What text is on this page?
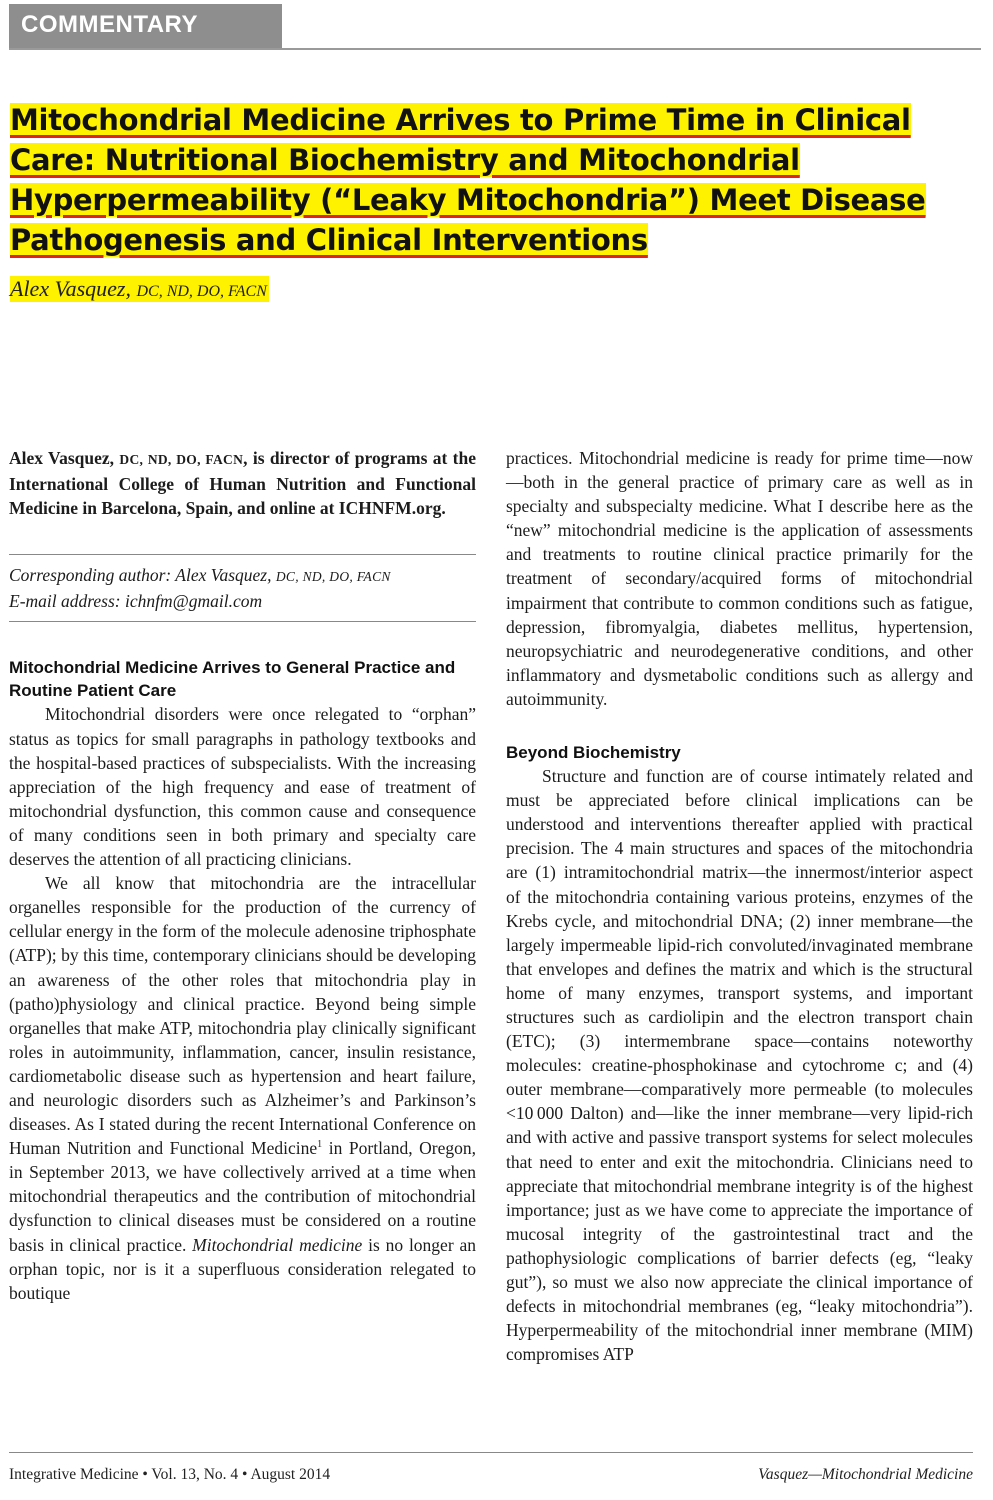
COMMENTARY
Mitochondrial Medicine Arrives to Prime Time in Clinical
Care: Nutritional Biochemistry and Mitochondrial
Hyperpermeability (“Leaky Mitochondria”) Meet Disease
Pathogenesis and Clinical Interventions
Alex Vasquez, DC, ND, DO, FACN

Alex Vasquez, DC, ND, DO, FACN, is director of programs at the International College of Human Nutrition and Functional Medicine in Barcelona, Spain, and online at ICHNFM.org.

Corresponding author: Alex Vasquez, DC, ND, DO, FACN

E-mail address: ichnfm@gmail.com

Mitochondrial Medicine Arrives to General Practice and Routine Patient Care

Mitochondrial disorders were once relegated to “orphan” status as topics for small paragraphs in pathology textbooks and the hospital-based practices of subspecialists. With the increasing appreciation of the high frequency and ease of treatment of mitochondrial dysfunction, this common cause and consequence of many conditions seen in both primary and specialty care deserves the attention of all practicing clinicians.

We all know that mitochondria are the intracellular organelles responsible for the production of the currency of cellular energy in the form of the molecule adenosine triphosphate (ATP); by this time, contemporary clinicians should be developing an awareness of the other roles that mitochondria play in (patho)physiology and clinical practice. Beyond being simple organelles that make ATP, mitochondria play clinically significant roles in autoimmunity, inflammation, cancer, insulin resistance, cardiometabolic disease such as hypertension and heart failure, and neurologic disorders such as Alzheimer’s and Parkinson’s diseases. As I stated during the recent International Conference on Human Nutrition and Functional Medicine$^1$ in Portland, Oregon, in September 2013, we have collectively arrived at a time when mitochondrial therapeutics and the contribution of mitochondrial dysfunction to clinical diseases must be considered on a routine basis in clinical practice. Mitochondrial medicine is no longer an orphan topic, nor is it a superfluous consideration relegated to boutique

practices. Mitochondrial medicine is ready for prime time—now—both in the general practice of primary care as well as in specialty and subspecialty medicine. What I describe here as the “new” mitochondrial medicine is the application of assessments and treatments to routine clinical practice primarily for the treatment of secondary/acquired forms of mitochondrial impairment that contribute to common conditions such as fatigue, depression, fibromyalgia, diabetes mellitus, hypertension, neuropsychiatric and neurodegenerative conditions, and other inflammatory and dysmetabolic conditions such as allergy and autoimmunity.

Beyond Biochemistry

Structure and function are of course intimately related and must be appreciated before clinical implications can be understood and interventions thereafter applied with practical precision. The 4 main structures and spaces of the mitochondria are (1) intramitochondrial matrix—the innermost/interior aspect of the mitochondria containing various proteins, enzymes of the Krebs cycle, and mitochondrial DNA; (2) inner membrane—the largely impermeable lipid-rich convoluted/invaginated membrane that envelopes and defines the matrix and which is the structural home of many enzymes, transport systems, and important structures such as cardiolipin and the electron transport chain (ETC); (3) intermembrane space—contains noteworthy molecules: creatine-phosphokinase and cytochrome c; and (4) outer membrane—comparatively more permeable (to molecules <10 000 Dalton) and—like the inner membrane—very lipid-rich and with active and passive transport systems for select molecules that need to enter and exit the mitochondria. Clinicians need to appreciate that mitochondrial membrane integrity is of the highest importance; just as we have come to appreciate the importance of mucosal integrity of the gastrointestinal tract and the pathophysiologic complications of barrier defects (eg, “leaky gut”), so must we also now appreciate the clinical importance of defects in mitochondrial membranes (eg, “leaky mitochondria”). Hyperpermeability of the mitochondrial inner membrane (MIM) compromises ATP

Integrative Medicine • Vol. 13, No. 4 • August 2014	Vasquez—Mitochondrial Medicine
